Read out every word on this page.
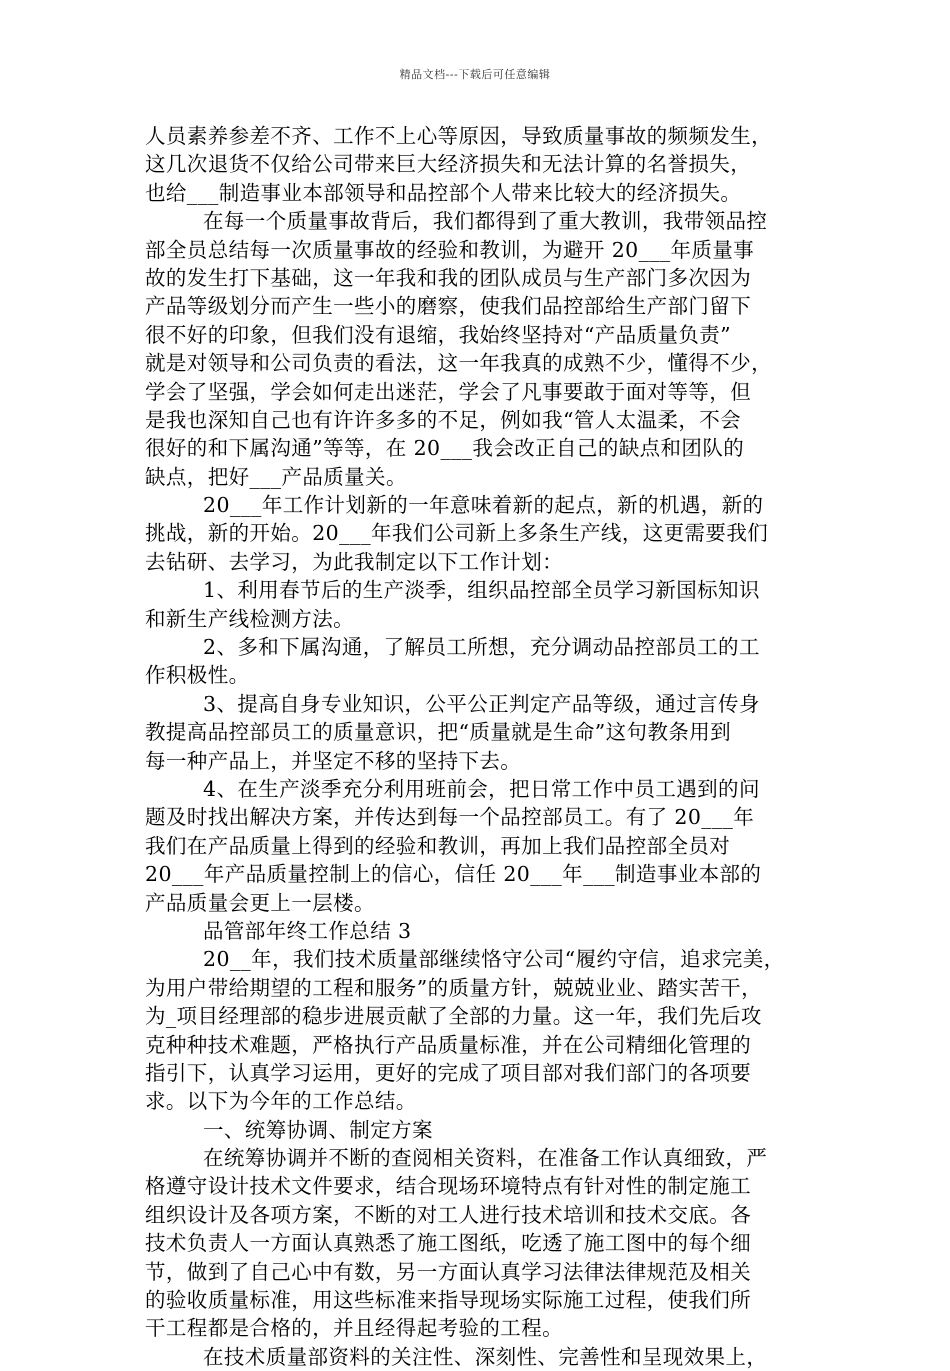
精品文档---下载后可任意编辑
人员素养参差不齐、工作不上心等原因，导致质量事故的频频发生，
这几次退货不仅给公司带来巨大经济损失和无法计算的名誉损失，
也给___制造事业本部领导和品控部个人带来比较大的经济损失。
在每一个质量事故背后，我们都得到了重大教训，我带领品控
部全员总结每一次质量事故的经验和教训，为避开 20___年质量事
故的发生打下基础，这一年我和我的团队成员与生产部门多次因为
产品等级划分而产生一些小的磨察，使我们品控部给生产部门留下
很不好的印象，但我们没有退缩，我始终坚持对“产品质量负责”
就是对领导和公司负责的看法，这一年我真的成熟不少，懂得不少，
学会了坚强，学会如何走出迷茫，学会了凡事要敢于面对等等，但
是我也深知自己也有许许多多的不足，例如我“管人太温柔，不会
很好的和下属沟通”等等，在 20___我会改正自己的缺点和团队的
缺点，把好___产品质量关。
20___年工作计划新的一年意味着新的起点，新的机遇，新的
挑战，新的开始。20___年我们公司新上多条生产线，这更需要我们
去钻研、去学习，为此我制定以下工作计划：
1、利用春节后的生产淡季，组织品控部全员学习新国标知识
和新生产线检测方法。
2、多和下属沟通，了解员工所想，充分调动品控部员工的工
作积极性。
3、提高自身专业知识，公平公正判定产品等级，通过言传身
教提高品控部员工的质量意识，把“质量就是生命”这句教条用到
每一种产品上，并坚定不移的坚持下去。
4、在生产淡季充分利用班前会，把日常工作中员工遇到的问
题及时找出解决方案，并传达到每一个品控部员工。有了 20___年
我们在产品质量上得到的经验和教训，再加上我们品控部全员对
20___年产品质量控制上的信心，信任 20___年___制造事业本部的
产品质量会更上一层楼。
品管部年终工作总结 3
20__年，我们技术质量部继续恪守公司“履约守信，追求完美，
为用户带给期望的工程和服务”的质量方针，兢兢业业、踏实苦干，
为_项目经理部的稳步进展贡献了全部的力量。这一年，我们先后攻
克种种技术难题，严格执行产品质量标准，并在公司精细化管理的
指引下，认真学习运用，更好的完成了项目部对我们部门的各项要
求。以下为今年的工作总结。
一、统筹协调、制定方案
在统筹协调并不断的查阅相关资料，在准备工作认真细致，严
格遵守设计技术文件要求，结合现场环境特点有针对性的制定施工
组织设计及各项方案，不断的对工人进行技术培训和技术交底。各
技术负责人一方面认真熟悉了施工图纸，吃透了施工图中的每个细
节，做到了自己心中有数，另一方面认真学习法律法律规范及相关
的验收质量标准，用这些标准来指导现场实际施工过程，使我们所
干工程都是合格的，并且经得起考验的工程。
在技术质量部资料的关注性、深刻性、完善性和呈现效果上，
